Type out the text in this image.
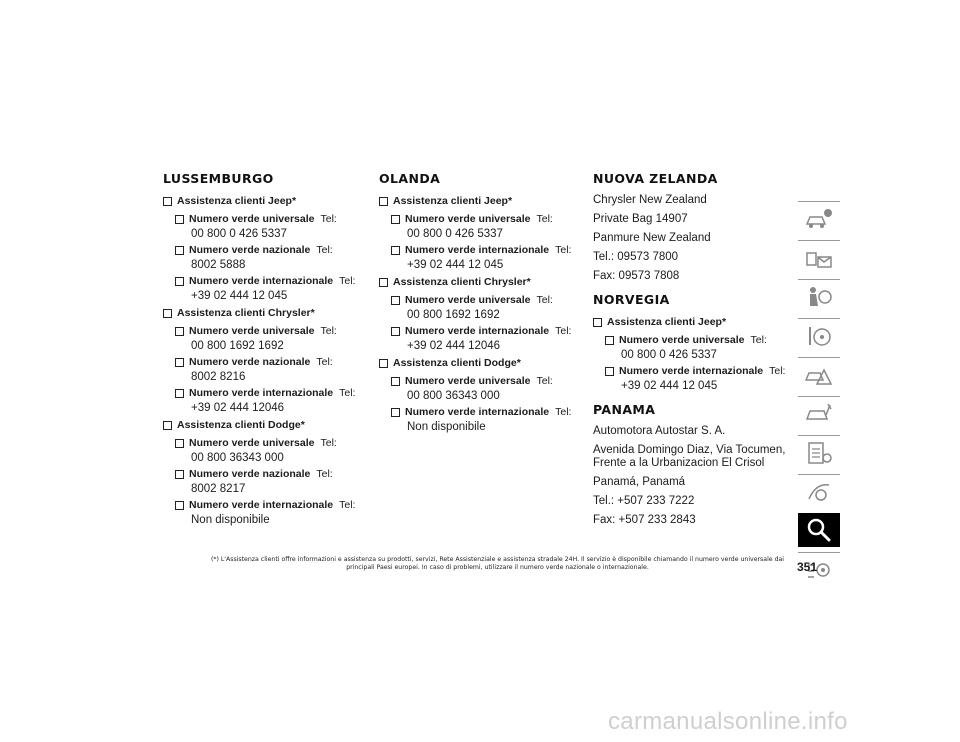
LUSSEMBURGO
Assistenza clienti Jeep*
Numero verde universale Tel:
00 800 0 426 5337
Numero verde nazionale Tel:
8002 5888
Numero verde internazionale Tel:
+39 02 444 12 045
Assistenza clienti Chrysler*
Numero verde universale Tel:
00 800 1692 1692
Numero verde nazionale Tel:
8002 8216
Numero verde internazionale Tel:
+39 02 444 12046
Assistenza clienti Dodge*
Numero verde universale Tel:
00 800 36343 000
Numero verde nazionale Tel:
8002 8217
Numero verde internazionale Tel:
Non disponibile
OLANDA
Assistenza clienti Jeep*
Numero verde universale Tel:
00 800 0 426 5337
Numero verde internazionale Tel:
+39 02 444 12 045
Assistenza clienti Chrysler*
Numero verde universale Tel:
00 800 1692 1692
Numero verde internazionale Tel:
+39 02 444 12046
Assistenza clienti Dodge*
Numero verde universale Tel:
00 800 36343 000
Numero verde internazionale Tel:
Non disponibile
NUOVA ZELANDA
Chrysler New Zealand
Private Bag 14907
Panmure New Zealand
Tel.: 09573 7800
Fax: 09573 7808
NORVEGIA
Assistenza clienti Jeep*
Numero verde universale Tel:
00 800 0 426 5337
Numero verde internazionale Tel:
+39 02 444 12 045
PANAMA
Automotora Autostar S. A.
Avenida Domingo Diaz, Via Tocumen, Frente a la Urbanizacion El Crisol
Panamá, Panamá
Tel.: +507 233 7222
Fax: +507 233 2843
(*) L'Assistenza clienti offre informazioni e assistenza su prodotti, servizi, Rete Assistenziale e assistenza stradale 24H. Il servizio è disponibile chiamando il numero verde universale dai principali Paesi europei. In caso di problemi, utilizzare il numero verde nazionale o internazionale.	351
carmanualsonline.info
